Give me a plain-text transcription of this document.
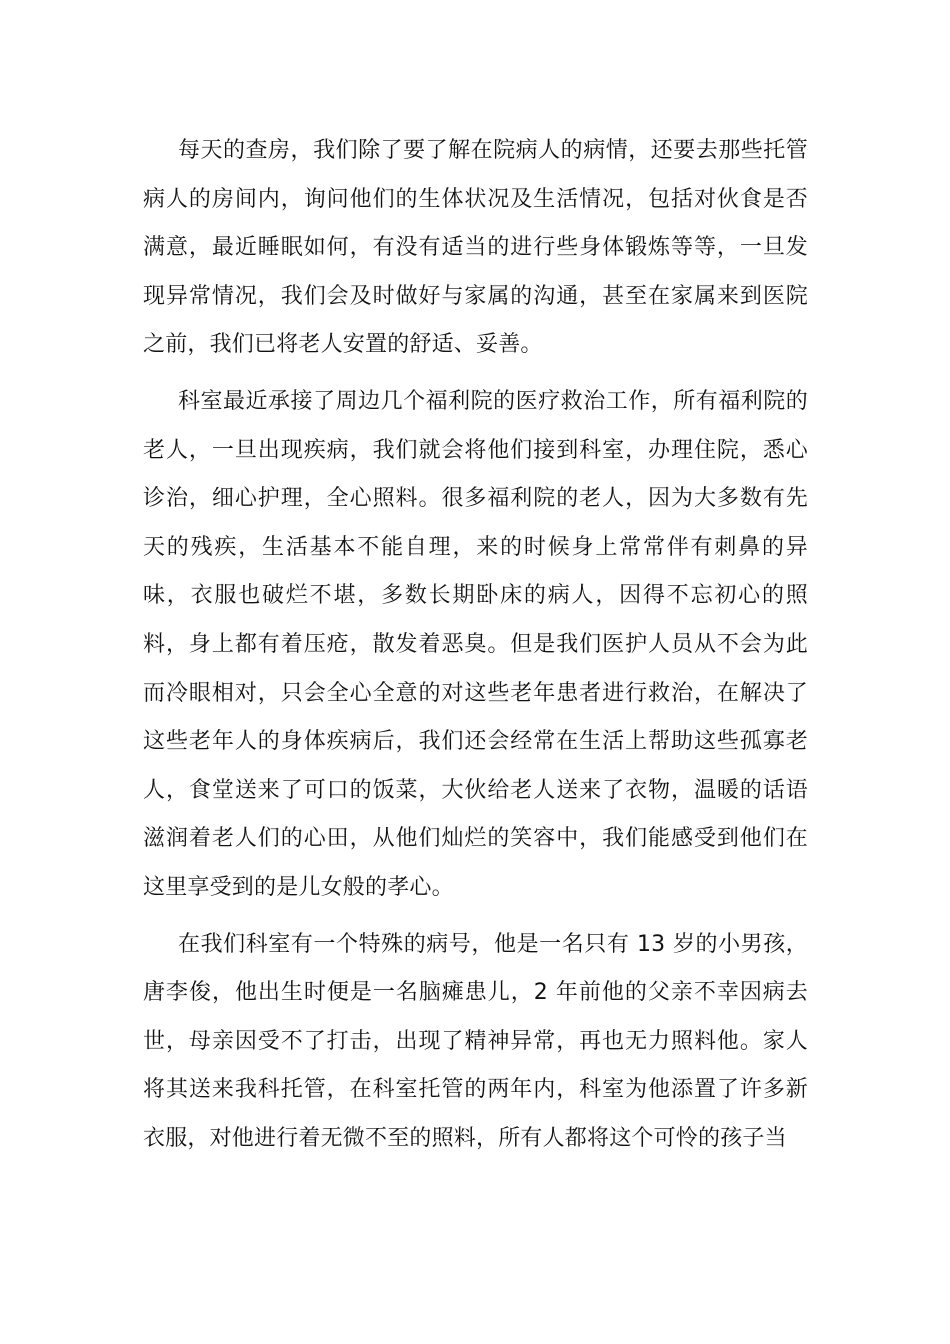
每天的查房，我们除了要了解在院病人的病情，还要去那些托管病人的房间内，询问他们的生体状况及生活情况，包括对伙食是否满意，最近睡眠如何，有没有适当的进行些身体锻炼等等，一旦发现异常情况，我们会及时做好与家属的沟通，甚至在家属来到医院之前，我们已将老人安置的舒适、妥善。

科室最近承接了周边几个福利院的医疗救治工作，所有福利院的老人，一旦出现疾病，我们就会将他们接到科室，办理住院，悉心诊治，细心护理，全心照料。很多福利院的老人，因为大多数有先天的残疾，生活基本不能自理，来的时候身上常常伴有刺鼻的异味，衣服也破烂不堪，多数长期卧床的病人，因得不忘初心的照料，身上都有着压疮，散发着恶臭。但是我们医护人员从不会为此而冷眼相对，只会全心全意的对这些老年患者进行救治，在解决了这些老年人的身体疾病后，我们还会经常在生活上帮助这些孤寡老人，食堂送来了可口的饭菜，大伙给老人送来了衣物，温暖的话语滋润着老人们的心田，从他们灿烂的笑容中，我们能感受到他们在这里享受到的是儿女般的孝心。

在我们科室有一个特殊的病号，他是一名只有 13 岁的小男孩，唐李俊，他出生时便是一名脑瘫患儿，2 年前他的父亲不幸因病去世，母亲因受不了打击，出现了精神异常，再也无力照料他。家人将其送来我科托管，在科室托管的两年内，科室为他添置了许多新衣服，对他进行着无微不至的照料，所有人都将这个可怜的孩子当
